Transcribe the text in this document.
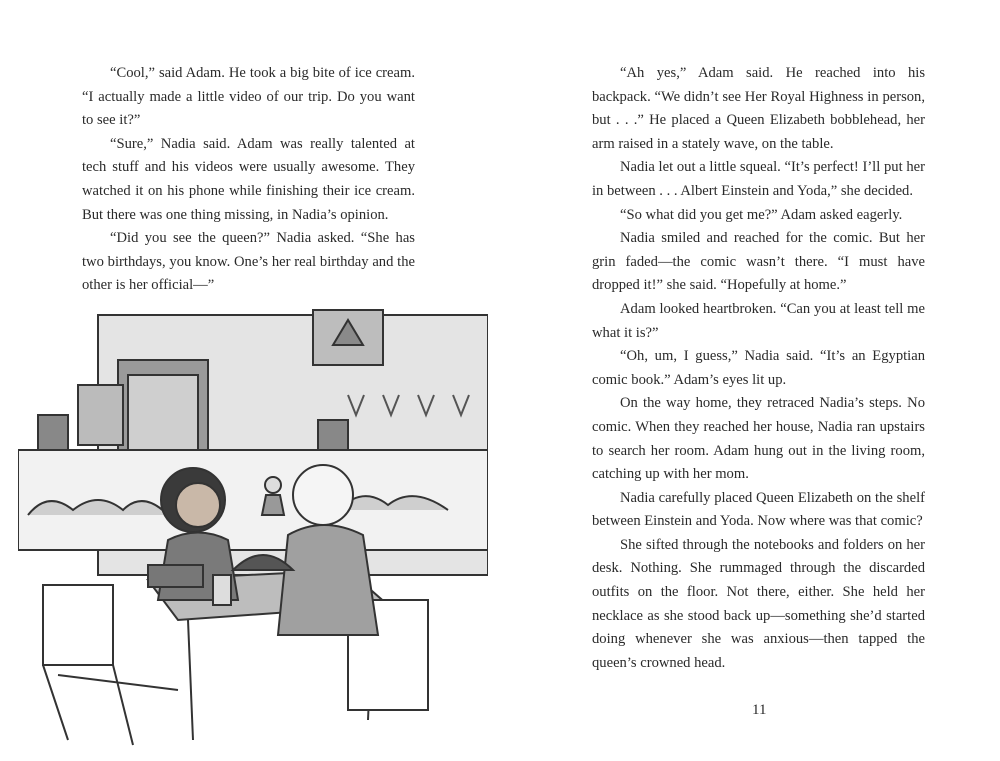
“Cool,” said Adam. He took a big bite of ice cream. “I actually made a little video of our trip. Do you want to see it?”

“Sure,” Nadia said. Adam was really talented at tech stuff and his videos were usually awesome. They watched it on his phone while finishing their ice cream. But there was one thing missing, in Nadia’s opinion.

“Did you see the queen?” Nadia asked. “She has two birthdays, you know. One’s her real birthday and the other is her official—”

“Ah yes,” Adam said. He reached into his backpack. “We didn’t see Her Royal Highness in person, but . . .” He placed a Queen Elizabeth bobblehead, her arm raised in a stately wave, on the table.

Nadia let out a little squeal. “It’s perfect! I’ll put her in between . . . Albert Einstein and Yoda,” she decided.

“So what did you get me?” Adam asked eagerly.

Nadia smiled and reached for the comic. But her grin faded—the comic wasn’t there. “I must have dropped it!” she said. “Hopefully at home.”

Adam looked heartbroken. “Can you at least tell me what it is?”

“Oh, um, I guess,” Nadia said. “It’s an Egyptian comic book.” Adam’s eyes lit up.

On the way home, they retraced Nadia’s steps. No comic. When they reached her house, Nadia ran upstairs to search her room. Adam hung out in the living room, catching up with her mom.

Nadia carefully placed Queen Elizabeth on the shelf between Einstein and Yoda. Now where was that comic?

She sifted through the notebooks and folders on her desk. Nothing. She rummaged through the discarded outfits on the floor. Not there, either. She held her necklace as she stood back up—something she’d started doing whenever she was anxious—then tapped the queen’s crowned head.

11
